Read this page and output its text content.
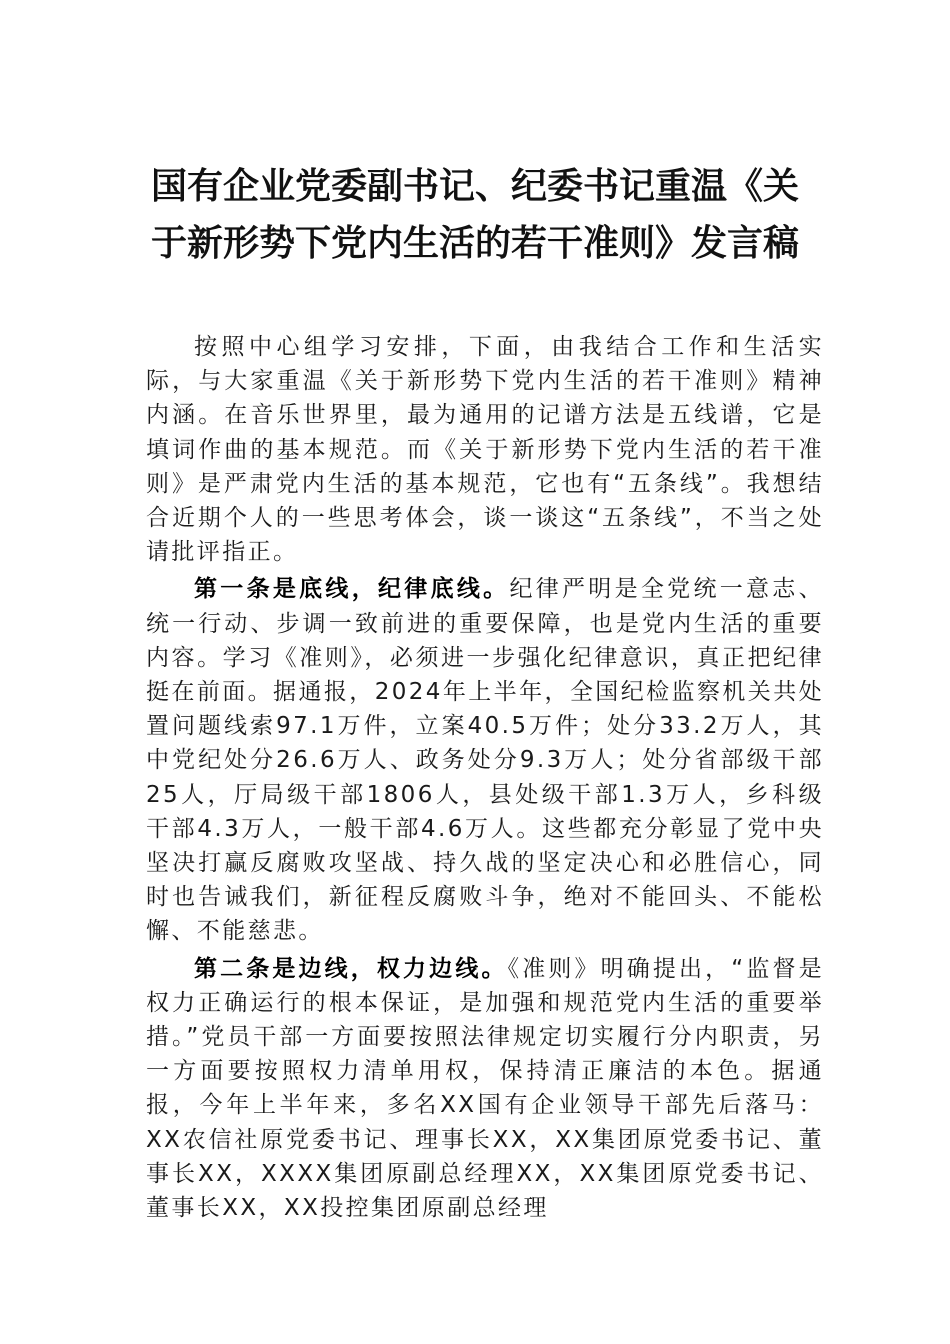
国有企业党委副书记、纪委书记重温《关
于新形势下党内生活的若干准则》发言稿

按照中心组学习安排，下面，由我结合工作和生活实际，与大家重温《关于新形势下党内生活的若干准则》精神内涵。在音乐世界里，最为通用的记谱方法是五线谱，它是填词作曲的基本规范。而《关于新形势下党内生活的若干准则》是严肃党内生活的基本规范，它也有“五条线”。我想结合近期个人的一些思考体会，谈一谈这“五条线”，不当之处请批评指正。

第一条是底线，纪律底线。纪律严明是全党统一意志、统一行动、步调一致前进的重要保障，也是党内生活的重要内容。学习《准则》，必须进一步强化纪律意识，真正把纪律挺在前面。据通报，2024年上半年，全国纪检监察机关共处置问题线索97.1万件，立案40.5万件；处分33.2万人，其中党纪处分26.6万人、政务处分9.3万人；处分省部级干部25人，厅局级干部1806人，县处级干部1.3万人，乡科级干部4.3万人，一般干部4.6万人。这些都充分彰显了党中央坚决打赢反腐败攻坚战、持久战的坚定决心和必胜信心，同时也告诫我们，新征程反腐败斗争，绝对不能回头、不能松懈、不能慈悲。

第二条是边线，权力边线。《准则》明确提出，“监督是权力正确运行的根本保证，是加强和规范党内生活的重要举措。”党员干部一方面要按照法律规定切实履行分内职责，另一方面要按照权力清单用权，保持清正廉洁的本色。据通报，今年上半年来，多名XX国有企业领导干部先后落马：XX农信社原党委书记、理事长XX，XX集团原党委书记、董事长XX，XXXX集团原副总经理XX，XX集团原党委书记、董事长XX，XX投控集团原副总经理
